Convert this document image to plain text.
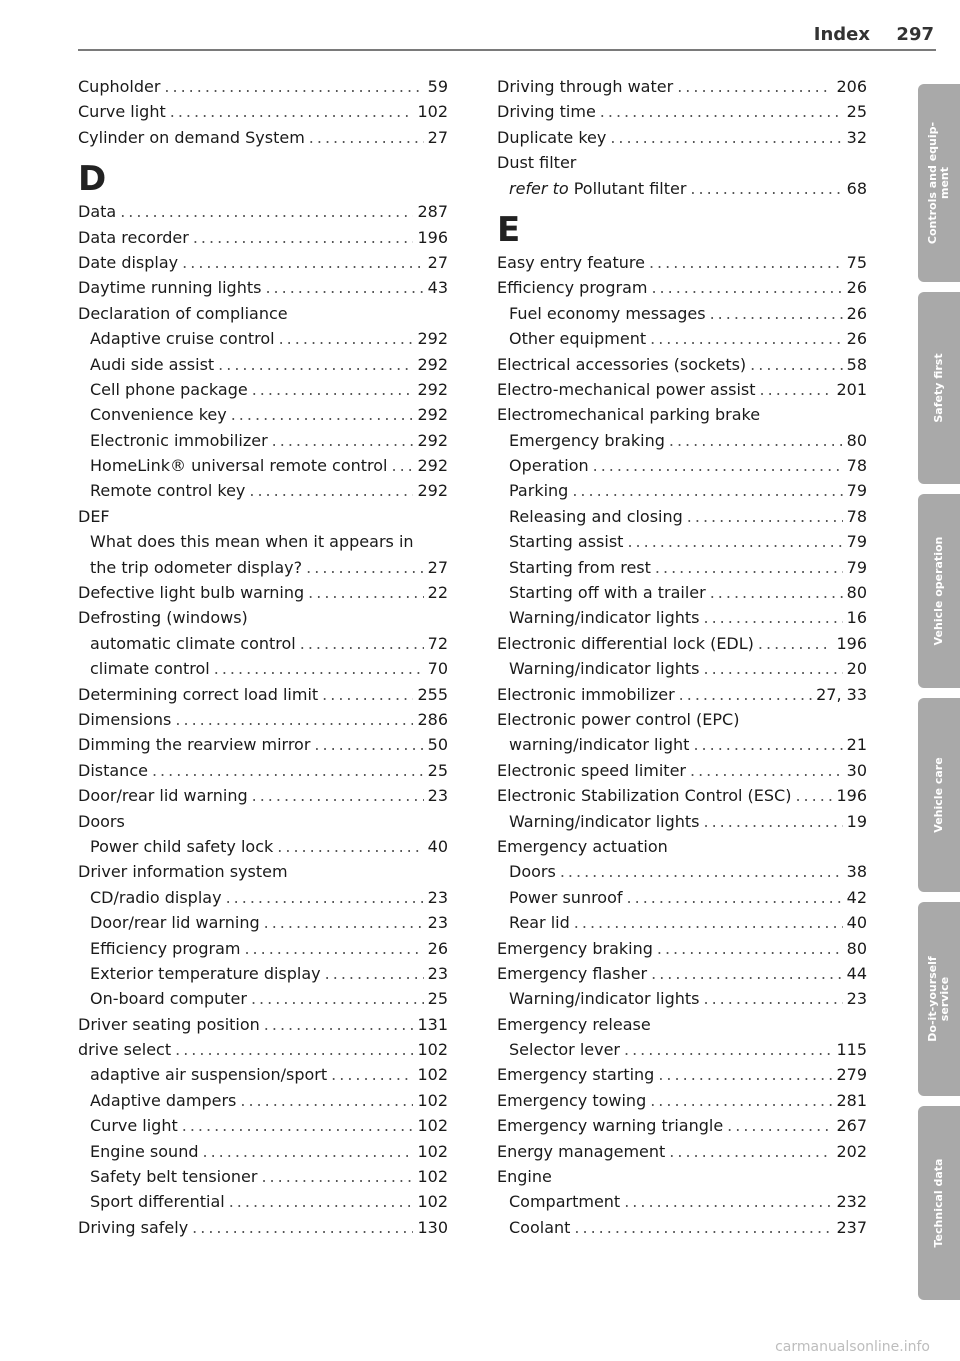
Index 297
Cupholder .....	59
Curve light .....	102
Cylinder on demand System .....	27
D
Data .....	287
Data recorder .....	196
Date display .....	27
Daytime running lights .....	43
Declaration of compliance
Adaptive cruise control .....	292
Audi side assist .....	292
Cell phone package .....	292
Convenience key .....	292
Electronic immobilizer .....	292
HomeLink® universal remote control ..... 292
Remote control key .....	292
DEF
What does this mean when it appears in
the trip odometer display? .....	27
Defective light bulb warning .....	22
Defrosting (windows)
automatic climate control .....	72
climate control .....	70
Determining correct load limit .....	255
Dimensions .....	286
Dimming the rearview mirror .....	50
Distance .....	25
Door/rear lid warning .....	23
Doors
Power child safety lock .....	40
Driver information system
CD/radio display .....	23
Door/rear lid warning .....	23
Efficiency program .....	26
Exterior temperature display .....	23
On-board computer .....	25
Driver seating position .....	131
drive select .....	102
adaptive air suspension/sport .....	102
Adaptive dampers .....	102
Curve light .....	102
Engine sound .....	102
Safety belt tensioner .....	102
Sport differential .....	102
Driving safely .....	130
Driving through water .....	206
Driving time .....	25
Duplicate key .....	32
Dust filter
refer to Pollutant filter .....	68
E
Easy entry feature .....	75
Efficiency program .....	26
Fuel economy messages .....	26
Other equipment .....	26
Electrical accessories (sockets) .....	58
Electro-mechanical power assist .....	201
Electromechanical parking brake
Emergency braking .....	80
Operation .....	78
Parking .....	79
Releasing and closing .....	78
Starting assist .....	79
Starting from rest .....	79
Starting off with a trailer .....	80
Warning/indicator lights .....	16
Electronic differential lock (EDL) .....	196
Warning/indicator lights .....	20
Electronic immobilizer .....	27, 33
Electronic power control (EPC)
warning/indicator light .....	21
Electronic speed limiter .....	30
Electronic Stabilization Control (ESC) .....	196
Warning/indicator lights .....	19
Emergency actuation
Doors .....	38
Power sunroof .....	42
Rear lid .....	40
Emergency braking .....	80
Emergency flasher .....	44
Warning/indicator lights .....	23
Emergency release
Selector lever .....	115
Emergency starting .....	279
Emergency towing .....	281
Emergency warning triangle .....	267
Energy management .....	202
Engine
Compartment .....	232
Coolant .....	237
Controls and equip-
ment
Safety first
Vehicle operation
Vehicle care
Do-it-yourself
service
Technical data
carmanualsonline.info
